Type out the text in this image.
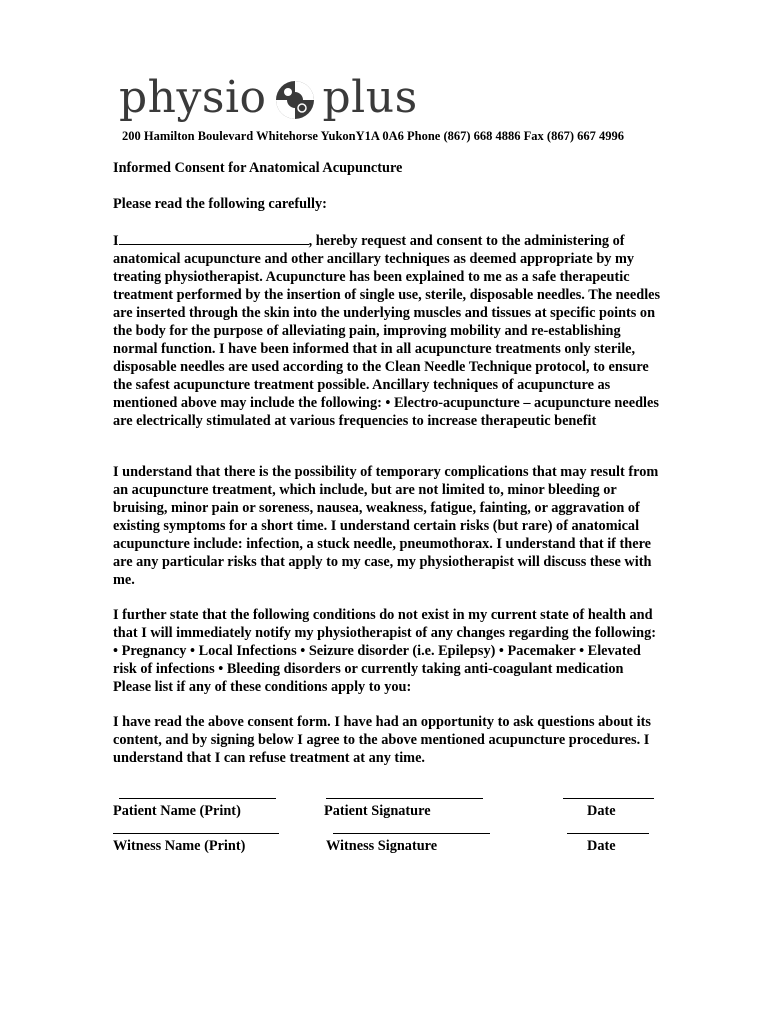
physio plus
200 Hamilton Boulevard Whitehorse YukonY1A 0A6 Phone (867) 668 4886 Fax (867) 667 4996
Informed Consent for Anatomical Acupuncture
Please read the following carefully:

I	, hereby request and consent to the administering of anatomical acupuncture and other ancillary techniques as deemed appropriate by my treating physiotherapist. Acupuncture has been explained to me as a safe therapeutic treatment performed by the insertion of single use, sterile, disposable needles. The needles are inserted through the skin into the underlying muscles and tissues at specific points on the body for the purpose of alleviating pain, improving mobility and re-establishing normal function. I have been informed that in all acupuncture treatments only sterile, disposable needles are used according to the Clean Needle Technique protocol, to ensure the safest acupuncture treatment possible. Ancillary techniques of acupuncture as mentioned above may include the following: • Electro-acupuncture – acupuncture needles are electrically stimulated at various frequencies to increase therapeutic benefit

I understand that there is the possibility of temporary complications that may result from an acupuncture treatment, which include, but are not limited to, minor bleeding or bruising, minor pain or soreness, nausea, weakness, fatigue, fainting, or aggravation of existing symptoms for a short time. I understand certain risks (but rare) of anatomical acupuncture include: infection, a stuck needle, pneumothorax. I understand that if there are any particular risks that apply to my case, my physiotherapist will discuss these with me.

I further state that the following conditions do not exist in my current state of health and that I will immediately notify my physiotherapist of any changes regarding the following: • Pregnancy • Local Infections • Seizure disorder (i.e. Epilepsy) • Pacemaker • Elevated risk of infections • Bleeding disorders or currently taking anti-coagulant medication Please list if any of these conditions apply to you:

I have read the above consent form. I have had an opportunity to ask questions about its content, and by signing below I agree to the above mentioned acupuncture procedures. I understand that I can refuse treatment at any time.

Patient Name (Print)	Patient Signature	Date
Witness Name (Print)	Witness Signature	Date
